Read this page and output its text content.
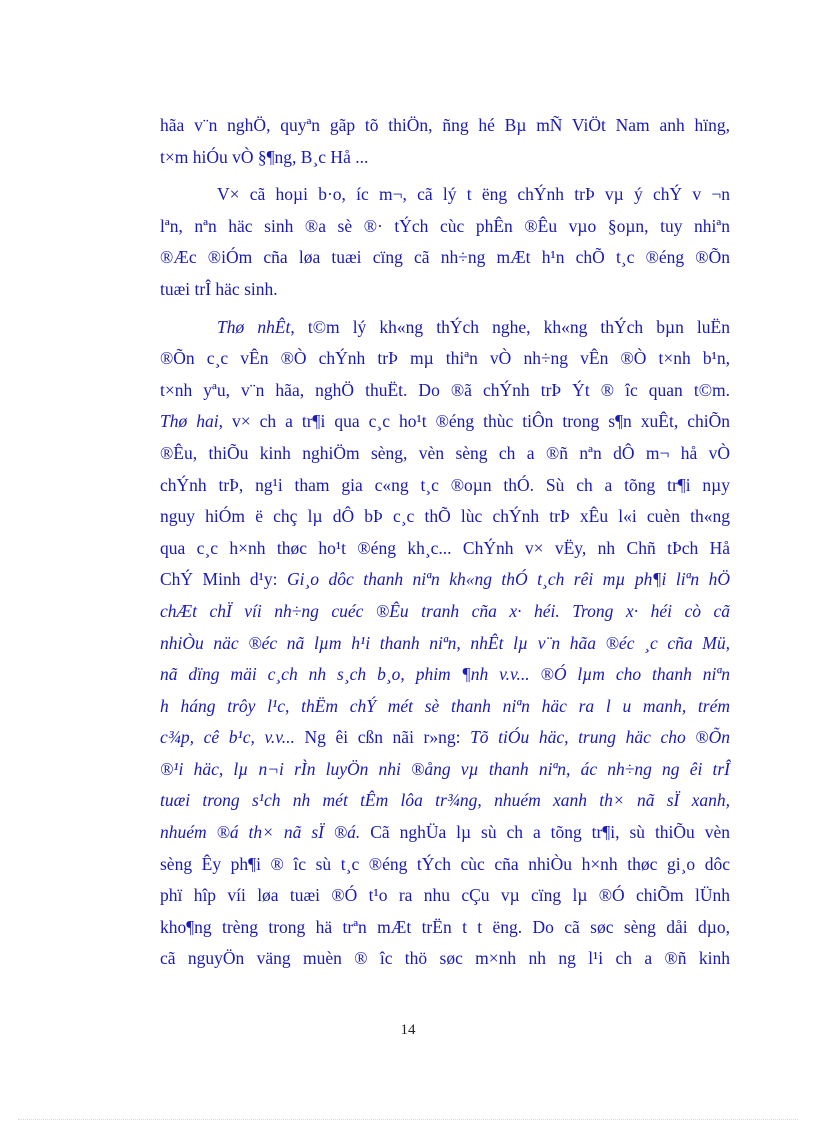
hãa v¨n nghÖ, quyªn gãp tõ thiÖn, ñng hé Bµ mÑ ViÖt Nam anh hïng,
t×m hiÓu vÒ §¶ng, B¸c Hå ...

V× cã hoµi b·o, íc m¬, cã lý t ëng chÝnh trÞ vµ ý chÝ v ¬n
lªn, nªn häc sinh ®a sè ®· tÝch cùc phÊn ®Êu vµo §oµn, tuy nhiªn
®Æc ®iÓm cña løa tuæi cïng cã nh÷ng mÆt h¹n chÕ t¸c ®éng ®Õn
tuæi trÎ häc sinh.

Thø nhÊt, t©m lý kh«ng thÝch nghe, kh«ng thÝch bµn luËn
®Õn c¸c vÊn ®Ò chÝnh trÞ mµ thiªn vÒ nh÷ng vÊn ®Ò t×nh b¹n,
t×nh yªu, v¨n hãa, nghÖ thuËt. Do ®ã chÝnh trÞ Ýt ® îc quan t©m.
Thø hai, v× ch a tr¶i qua c¸c ho¹t ®éng thùc tiÔn trong s¶n xuÊt, chiÕn
®Êu, thiÕu kinh nghiÖm sèng, vèn sèng ch a ®ñ nªn dÔ m¬ hå vÒ
chÝnh trÞ, ng¹i tham gia c«ng t¸c ®oµn thÓ. Sù ch a tõng tr¶i nµy
nguy hiÓm ë chç lµ dÔ bÞ c¸c thÕ lùc chÝnh trÞ xÊu l«i cuèn th«ng
qua c¸c h×nh thøc ho¹t ®éng kh¸c... ChÝnh v× vËy, nh Chñ tÞch Hå
ChÝ Minh d¹y: Gi¸o dôc thanh niªn kh«ng thÓ t¸ch rêi mµ ph¶i liªn hÖ
chÆt chÏ víi nh÷ng cuéc ®Êu tranh cña x· héi. Trong x· héi cò cã
nhiÒu näc ®éc nã lµm h¹i thanh niªn, nhÊt lµ v¨n hãa ®éc ¸c cña Mü,
nã dïng mäi c¸ch nh s¸ch b¸o, phim ¶nh v.v... ®Ó lµm cho thanh niªn
h háng trôy l¹c, thËm chÝ mét sè thanh niªn häc ra l u manh, trém
c¾p, cê b¹c, v.v... Ng êi cßn nãi r»ng: Tõ tiÓu häc, trung häc cho ®Õn
®¹i häc, lµ n¬i rÌn luyÖn nhi ®ång vµ thanh niªn, ác nh÷ng ng êi trÎ
tuæi trong s¹ch nh mét tÊm lôa tr¾ng, nhuém xanh th× nã sÏ xanh,
nhuém ®á th× nã sÏ ®á. Cã nghÜa lµ sù ch a tõng tr¶i, sù thiÕu vèn
sèng Êy ph¶i ® îc sù t¸c ®éng tÝch cùc cña nhiÒu h×nh thøc gi¸o dôc
phï hîp víi løa tuæi ®Ó t¹o ra nhu cÇu vµ cïng lµ ®Ó chiÕm lÜnh
kho¶ng trèng trong hä trªn mÆt trËn t t ëng. Do cã søc sèng dåi dµo,
cã nguyÖn väng muèn ® îc thö søc m×nh nh ng l¹i ch a ®ñ kinh

14
